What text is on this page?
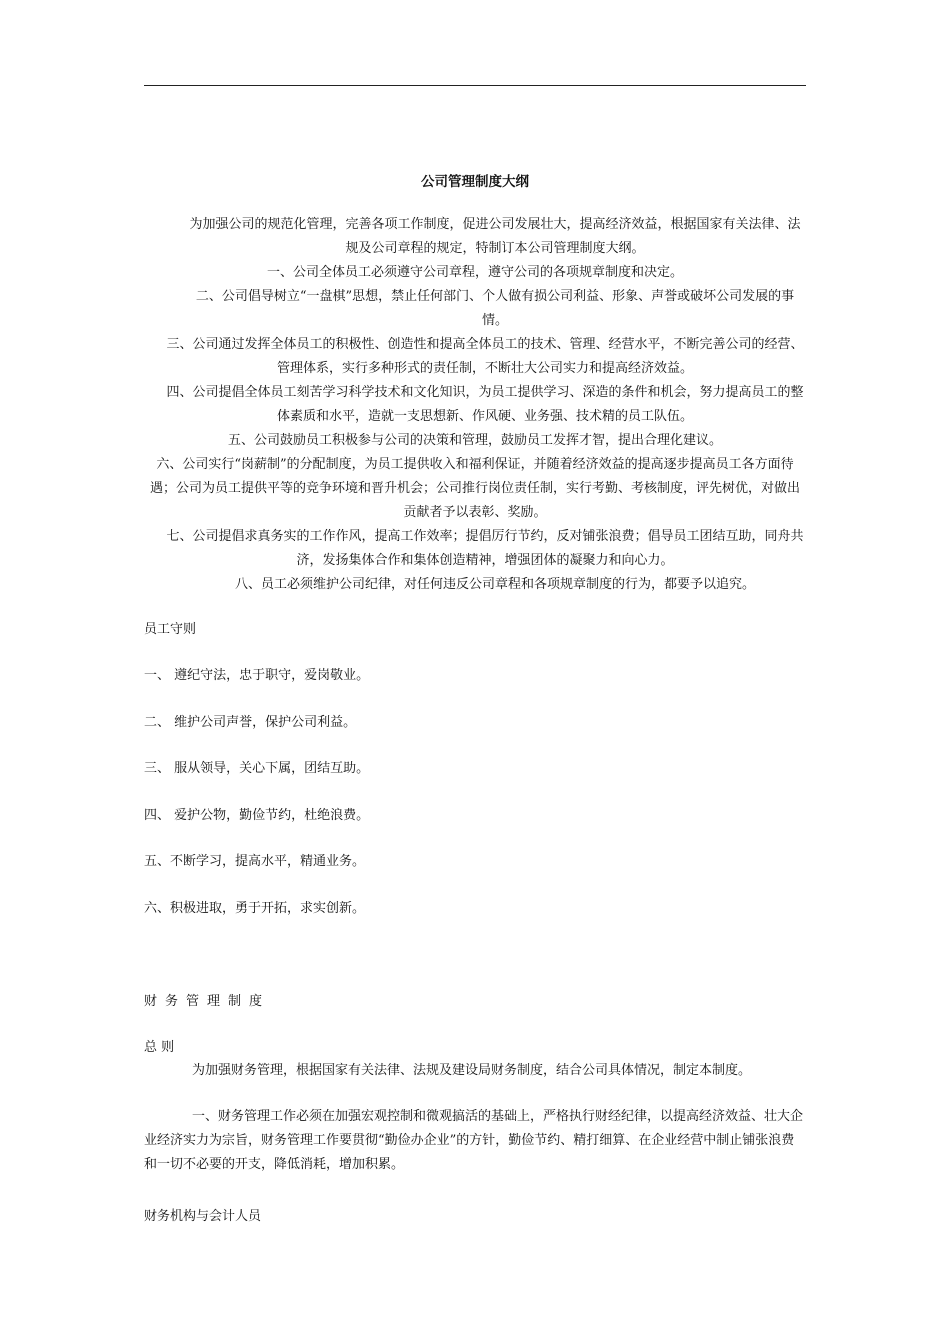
公司管理制度大纲

为加强公司的规范化管理，完善各项工作制度，促进公司发展壮大，提高经济效益，根据国家有关法律、法规及公司章程的规定，特制订本公司管理制度大纲。

一、公司全体员工必须遵守公司章程，遵守公司的各项规章制度和决定。

二、公司倡导树立“一盘棋”思想，禁止任何部门、个人做有损公司利益、形象、声誉或破坏公司发展的事情。

三、公司通过发挥全体员工的积极性、创造性和提高全体员工的技术、管理、经营水平，不断完善公司的经营、管理体系，实行多种形式的责任制，不断壮大公司实力和提高经济效益。

四、公司提倡全体员工刻苦学习科学技术和文化知识，为员工提供学习、深造的条件和机会，努力提高员工的整体素质和水平，造就一支思想新、作风硬、业务强、技术精的员工队伍。

五、公司鼓励员工积极参与公司的决策和管理，鼓励员工发挥才智，提出合理化建议。

六、公司实行“岗薪制”的分配制度，为员工提供收入和福利保证，并随着经济效益的提高逐步提高员工各方面待遇；公司为员工提供平等的竞争环境和晋升机会；公司推行岗位责任制，实行考勤、考核制度，评先树优，对做出贡献者予以表彰、奖励。

七、公司提倡求真务实的工作作风，提高工作效率；提倡厉行节约，反对铺张浪费；倡导员工团结互助，同舟共济，发扬集体合作和集体创造精神，增强团体的凝聚力和向心力。

八、员工必须维护公司纪律，对任何违反公司章程和各项规章制度的行为，都要予以追究。

员工守则
一、 遵纪守法，忠于职守，爱岗敬业。
二、 维护公司声誉，保护公司利益。
三、 服从领导，关心下属，团结互助。
四、 爱护公物，勤俭节约，杜绝浪费。
五、不断学习，提高水平，精通业务。
六、积极进取，勇于开拓，求实创新。
财务管理制度
总 则
为加强财务管理，根据国家有关法律、法规及建设局财务制度，结合公司具体情况，制定本制度。
一、财务管理工作必须在加强宏观控制和微观搞活的基础上，严格执行财经纪律，以提高经济效益、壮大企业经济实力为宗旨，财务管理工作要贯彻“勤俭办企业”的方针，勤俭节约、精打细算、在企业经营中制止铺张浪费和一切不必要的开支，降低消耗，增加积累。
财务机构与会计人员
